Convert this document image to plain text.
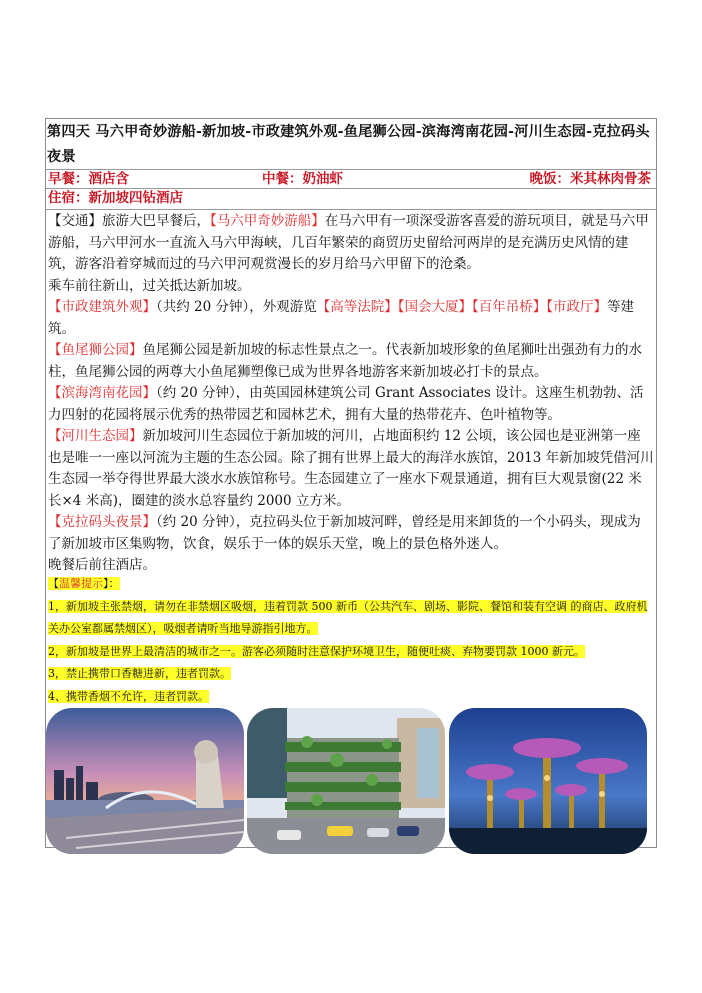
第四天 马六甲奇妙游船-新加坡-市政建筑外观-鱼尾狮公园-滨海湾南花园-河川生态园-克拉码头夜景
早餐：酒店含	中餐：奶油虾	晚饭：米其林肉骨茶
住宿：新加坡四钻酒店

【交通】旅游大巴早餐后，【马六甲奇妙游船】在马六甲有一项深受游客喜爱的游玩项目，就是马六甲游船，马六甲河水一直流入马六甲海峡，几百年繁荣的商贸历史留给河两岸的是充满历史风情的建筑，游客沿着穿城而过的马六甲河观赏漫长的岁月给马六甲留下的沧桑。

乘车前往新山，过关抵达新加坡。

【市政建筑外观】（共约 20 分钟），外观游览【高等法院】【国会大厦】【百年吊桥】【市政厅】等建筑。

【鱼尾狮公园】鱼尾狮公园是新加坡的标志性景点之一。代表新加坡形象的鱼尾狮吐出强劲有力的水柱，鱼尾狮公园的两尊大小鱼尾狮塑像已成为世界各地游客来新加坡必打卡的景点。

【滨海湾南花园】（约 20 分钟），由英国园林建筑公司 Grant Associates 设计。这座生机勃勃、活力四射的花园将展示优秀的热带园艺和园林艺术，拥有大量的热带花卉、色叶植物等。

【河川生态园】新加坡河川生态园位于新加坡的河川，占地面积约 12 公顷，该公园也是亚洲第一座也是唯一一座以河流为主题的生态公园。除了拥有世界上最大的海洋水族馆，2013 年新加坡凭借河川生态园一举夺得世界最大淡水水族馆称号。生态园建立了一座水下观景通道，拥有巨大观景窗(22 米长×4 米高)，圈建的淡水总容量约 2000 立方米。

【克拉码头夜景】（约 20 分钟），克拉码头位于新加坡河畔，曾经是用来卸货的一个小码头，现成为了新加坡市区集购物，饮食，娱乐于一体的娱乐天堂，晚上的景色格外迷人。

晚餐后前往酒店。

【温馨提示】：

1，新加坡主张禁烟，请勿在非禁烟区吸烟，违着罚款 500 新币（公共汽车、剧场、影院、餐馆和装有空调 的商店、政府机关办公室都属禁烟区），吸烟者请听当地导游指引地方。

2，新加坡是世界上最清洁的城市之一。游客必须随时注意保护环境卫生，随便吐痰、弃物要罚款 1000 新元。

3，禁止携带口香糖进新，违者罚款。

4、携带香烟不允许，违者罚款。
